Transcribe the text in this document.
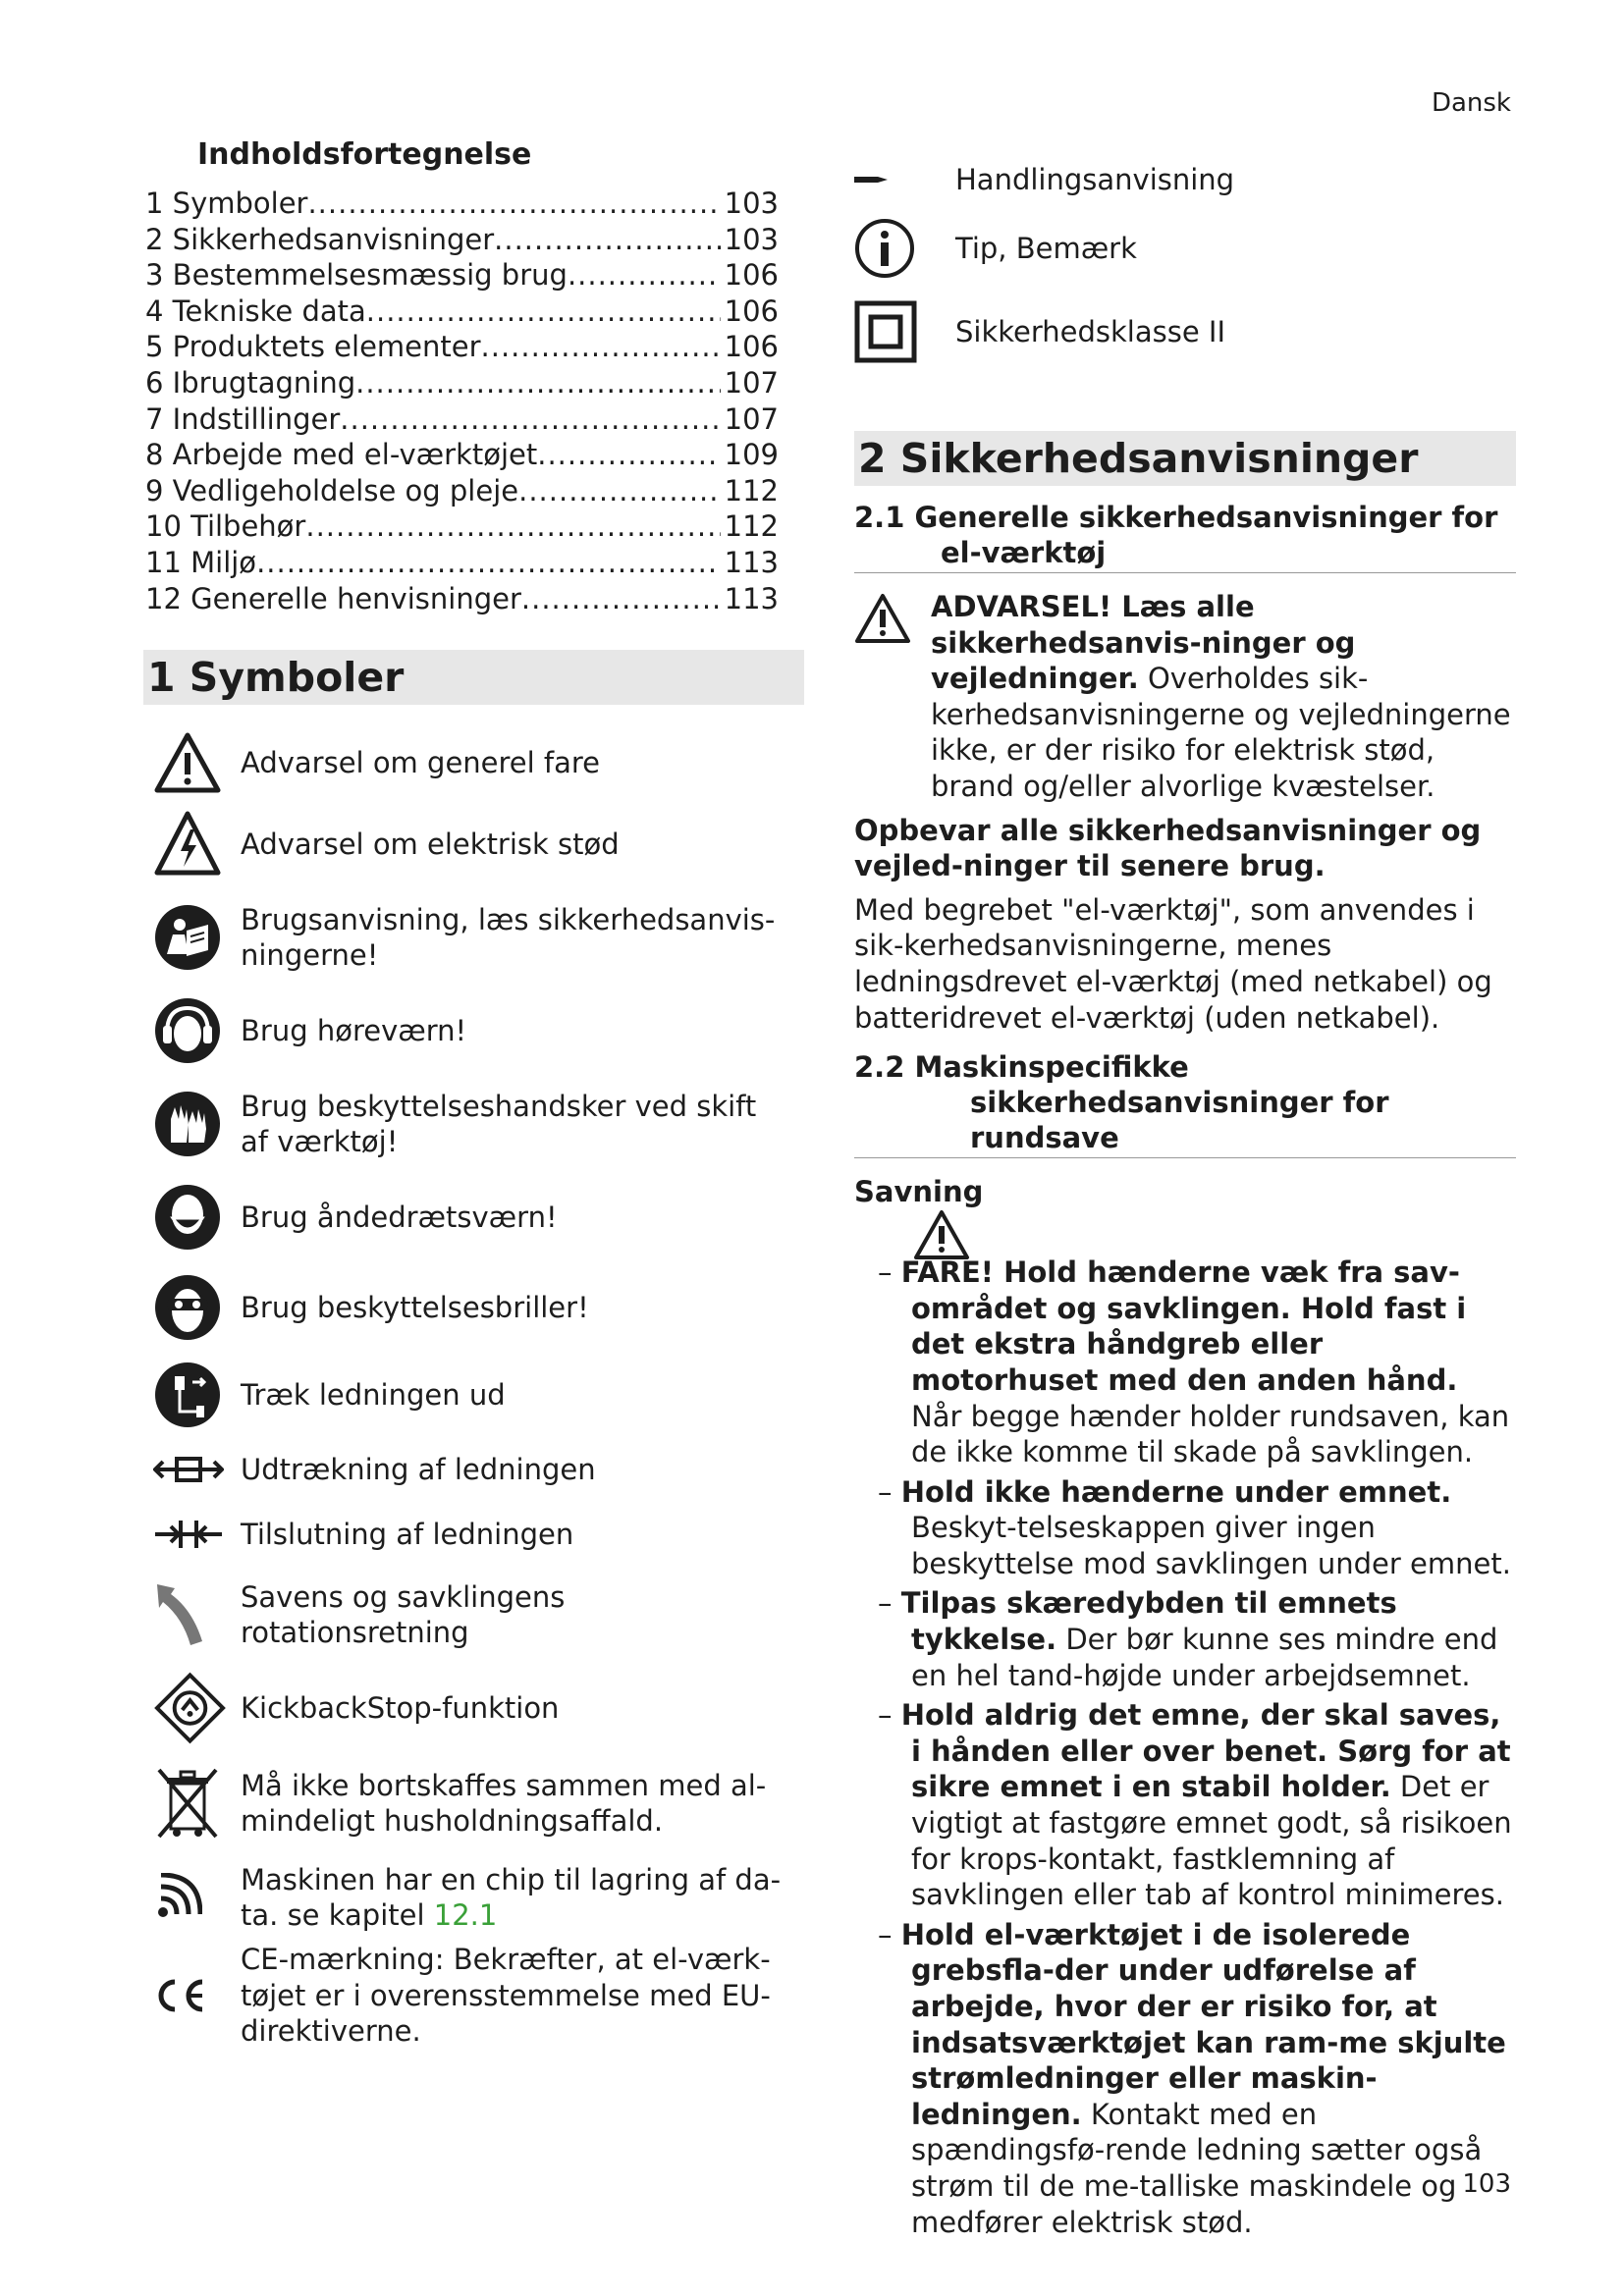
Dansk
Indholdsfortegnelse
1 Symboler .....	103
2 Sikkerhedsanvisninger .....	103
3 Bestemmelsesmæssig brug .....	106
4 Tekniske data .....	106
5 Produktets elementer .....	106
6 Ibrugtagning .....	107
7 Indstillinger .....	107
8 Arbejde med el-værktøjet .....	109
9 Vedligeholdelse og pleje .....	112
10 Tilbehør .....	112
11 Miljø .....	113
12 Generelle henvisninger .....	113
1 Symboler
Advarsel om generel fare
Advarsel om elektrisk stød
Brugsanvisning, læs sikkerhedsanvis-ningerne!
Brug høreværn!
Brug beskyttelseshandsker ved skift af værktøj!
Brug åndedrætsværn!
Brug beskyttelsesbriller!
Træk ledningen ud
Udtrækning af ledningen
Tilslutning af ledningen
Savens og savklingens rotationsretning
KickbackStop-funktion
Må ikke bortskaffes sammen med al-mindeligt husholdningsaffald.
Maskinen har en chip til lagring af da-ta. se kapitel 12.1
CE-mærkning: Bekræfter, at el-værk-tøjet er i overensstemmelse med EU-direktiverne.
Handlingsanvisning
Tip, Bemærk
Sikkerhedsklasse II
2 Sikkerhedsanvisninger
2.1 Generelle sikkerhedsanvisninger for
el-værktøj

ADVARSEL! Læs alle sikkerhedsanvis-ninger og vejledninger. Overholdes sik-kerhedsanvisningerne og vejledningerne ikke, er der risiko for elektrisk stød, brand og/eller alvorlige kvæstelser.

Opbevar alle sikkerhedsanvisninger og vejled-ninger til senere brug.

Med begrebet "el-værktøj", som anvendes i sik-kerhedsanvisningerne, menes ledningsdrevet el-værktøj (med netkabel) og batteridrevet el-værktøj (uden netkabel).

2.2 Maskinspecifikke
sikkerhedsanvisninger for rundsave
Savning
– FARE! Hold hænderne væk fra sav-området og savklingen. Hold fast i det ekstra håndgreb eller motorhuset med den anden hånd. Når begge hænder holder rundsaven, kan de ikke komme til skade på savklingen.
– Hold ikke hænderne under emnet. Beskyt-telseskappen giver ingen beskyttelse mod savklingen under emnet.
– Tilpas skæredybden til emnets tykkelse. Der bør kunne ses mindre end en hel tand-højde under arbejdsemnet.
– Hold aldrig det emne, der skal saves, i hånden eller over benet. Sørg for at sikre emnet i en stabil holder. Det er vigtigt at fastgøre emnet godt, så risikoen for krops-kontakt, fastklemning af savklingen eller tab af kontrol minimeres.
– Hold el-værktøjet i de isolerede grebsfla-der under udførelse af arbejde, hvor der er risiko for, at indsatsværktøjet kan ram-me skjulte strømledninger eller maskin-ledningen. Kontakt med en spændingsfø-rende ledning sætter også strøm til de me-talliske maskindele og medfører elektrisk stød.
103
